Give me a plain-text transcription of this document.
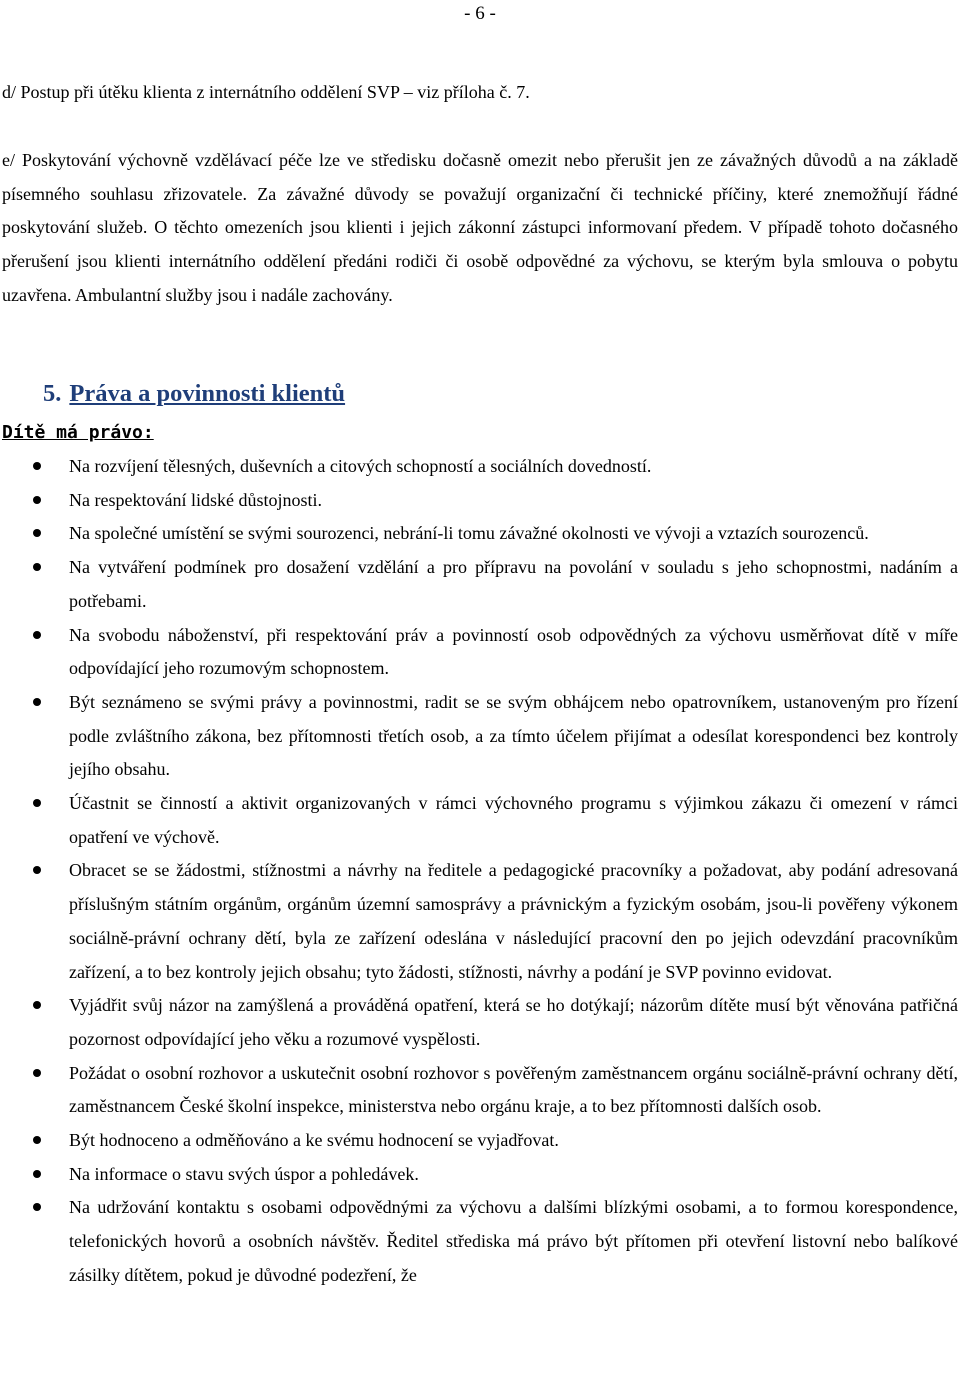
- 6 -

d/ Postup při útěku klienta z internátního oddělení SVP – viz příloha č. 7.

e/ Poskytování výchovně vzdělávací péče lze ve středisku dočasně omezit nebo přerušit jen ze závažných důvodů a na základě písemného souhlasu zřizovatele. Za závažné důvody se považují organizační či technické příčiny, které znemožňují řádné poskytování služeb. O těchto omezeních jsou klienti i jejich zákonní zástupci informovaní předem. V případě tohoto dočasného přerušení jsou klienti internátního oddělení předáni rodiči či osobě odpovědné za výchovu, se kterým byla smlouva o pobytu uzavřena. Ambulantní služby jsou i nadále zachovány.

5. Práva a povinnosti klientů
Dítě má právo:
Na rozvíjení tělesných, duševních a citových schopností a sociálních dovedností.
Na respektování lidské důstojnosti.
Na společné umístění se svými sourozenci, nebrání-li tomu závažné okolnosti ve vývoji a vztazích sourozenců.
Na vytváření podmínek pro dosažení vzdělání a pro přípravu na povolání v souladu s jeho schopnostmi, nadáním a potřebami.
Na svobodu náboženství, při respektování práv a povinností osob odpovědných za výchovu usměrňovat dítě v míře odpovídající jeho rozumovým schopnostem.
Být seznámeno se svými právy a povinnostmi, radit se se svým obhájcem nebo opatrovníkem, ustanoveným pro řízení podle zvláštního zákona, bez přítomnosti třetích osob, a za tímto účelem přijímat a odesílat korespondenci bez kontroly jejího obsahu.
Účastnit se činností a aktivit organizovaných v rámci výchovného programu s výjimkou zákazu či omezení v rámci opatření ve výchově.
Obracet se se žádostmi, stížnostmi a návrhy na ředitele a pedagogické pracovníky a požadovat, aby podání adresovaná příslušným státním orgánům, orgánům územní samosprávy a právnickým a fyzickým osobám, jsou-li pověřeny výkonem sociálně-právní ochrany dětí, byla ze zařízení odeslána v následující pracovní den po jejich odevzdání pracovníkům zařízení, a to bez kontroly jejich obsahu; tyto žádosti, stížnosti, návrhy a podání je SVP povinno evidovat.
Vyjádřit svůj názor na zamýšlená a prováděná opatření, která se ho dotýkají; názorům dítěte musí být věnována patřičná pozornost odpovídající jeho věku a rozumové vyspělosti.
Požádat o osobní rozhovor a uskutečnit osobní rozhovor s pověřeným zaměstnancem orgánu sociálně-právní ochrany dětí, zaměstnancem České školní inspekce, ministerstva nebo orgánu kraje, a to bez přítomnosti dalších osob.
Být hodnoceno a odměňováno a ke svému hodnocení se vyjadřovat.
Na informace o stavu svých úspor a pohledávek.
Na udržování kontaktu s osobami odpovědnými za výchovu a dalšími blízkými osobami, a to formou korespondence, telefonických hovorů a osobních návštěv. Ředitel střediska má právo být přítomen při otevření listovní nebo balíkové zásilky dítětem, pokud je důvodné podezření, že
